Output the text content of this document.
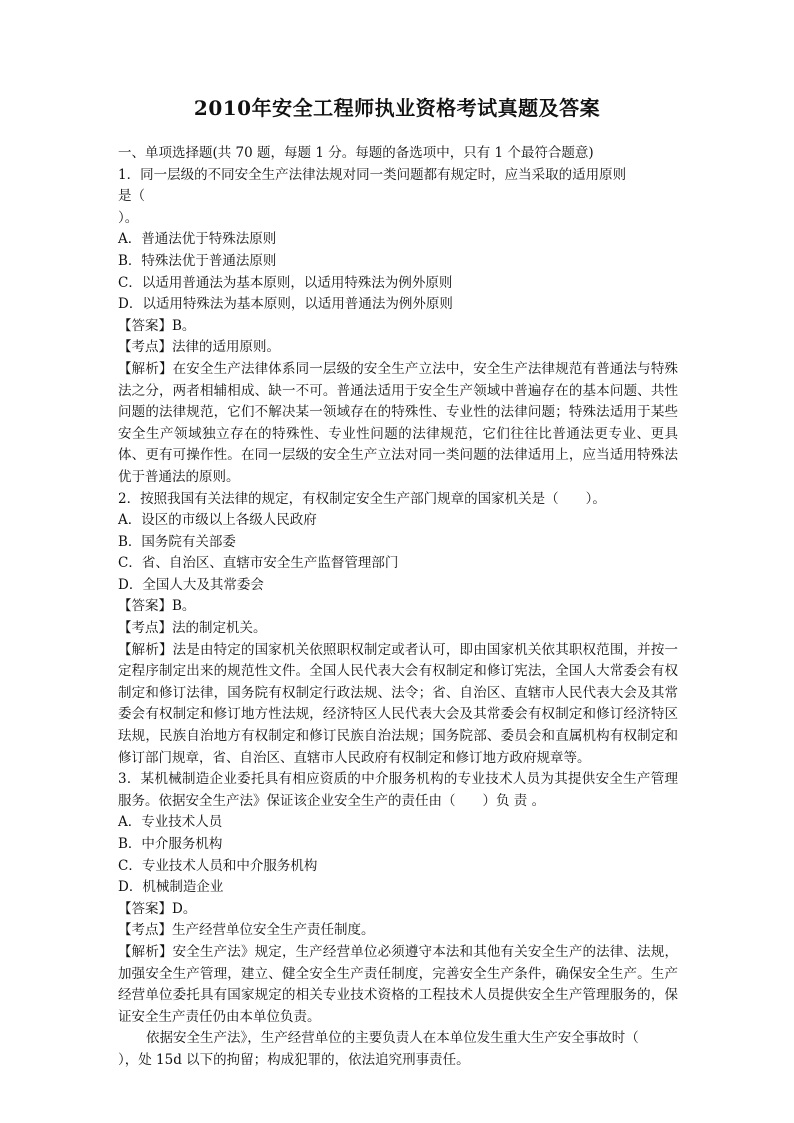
2010年安全工程师执业资格考试真题及答案
一、单项选择题(共 70 题，每题 1 分。每题的备选项中，只有 1 个最符合题意)
1．同一层级的不同安全生产法律法规对同一类问题都有规定时，应当采取的适用原则
是（
）。
A．普通法优于特殊法原则
B．特殊法优于普通法原则
C．以适用普通法为基本原则，以适用特殊法为例外原则
D．以适用特殊法为基本原则，以适用普通法为例外原则
【答案】B。
【考点】法律的适用原则。
【解析】在安全生产法律体系同一层级的安全生产立法中，安全生产法律规范有普通法与特殊法之分，两者相辅相成、缺一不可。普通法适用于安全生产领域中普遍存在的基本问题、共性问题的法律规范，它们不解决某一领域存在的特殊性、专业性的法律问题；特殊法适用于某些安全生产领域独立存在的特殊性、专业性问题的法律规范，它们往往比普通法更专业、更具体、更有可操作性。在同一层级的安全生产立法对同一类问题的法律适用上，应当适用特殊法优于普通法的原则。
2．按照我国有关法律的规定，有权制定安全生产部门规章的国家机关是（　　）。
A．设区的市级以上各级人民政府
B．国务院有关部委
C．省、自治区、直辖市安全生产监督管理部门
D．全国人大及其常委会
【答案】B。
【考点】法的制定机关。
【解析】法是由特定的国家机关依照职权制定或者认可，即由国家机关依其职权范围，并按一定程序制定出来的规范性文件。全国人民代表大会有权制定和修订宪法，全国人大常委会有权制定和修订法律，国务院有权制定行政法规、法令；省、自治区、直辖市人民代表大会及其常委会有权制定和修订地方性法规，经济特区人民代表大会及其常委会有权制定和修订经济特区珐规，民族自治地方有权制定和修订民族自治法规；国务院部、委员会和直属机构有权制定和修订部门规章，省、自治区、直辖市人民政府有权制定和修订地方政府规章等。
3．某机械制造企业委托具有相应资质的中介服务机构的专业技术人员为其提供安全生产管理服务。依据安全生产法》保证该企业安全生产的责任由（　　）负 责 。
A．专业技术人员
B．中介服务机构
C．专业技术人员和中介服务机构
D．机械制造企业
【答案】D。
【考点】生产经营单位安全生产责任制度。
【解析】安全生产法》规定，生产经营单位必须遵守本法和其他有关安全生产的法律、法规，加强安全生产管理，建立、健全安全生产责任制度，完善安全生产条件，确保安全生产。生产经营单位委托具有国家规定的相关专业技术资格的工程技术人员提供安全生产管理服务的，保证安全生产责任仍由本单位负责。
依据安全生产法》，生产经营单位的主要负责人在本单位发生重大生产安全事故时（
），处 15d 以下的拘留；构成犯罪的，依法追究刑事责任。
